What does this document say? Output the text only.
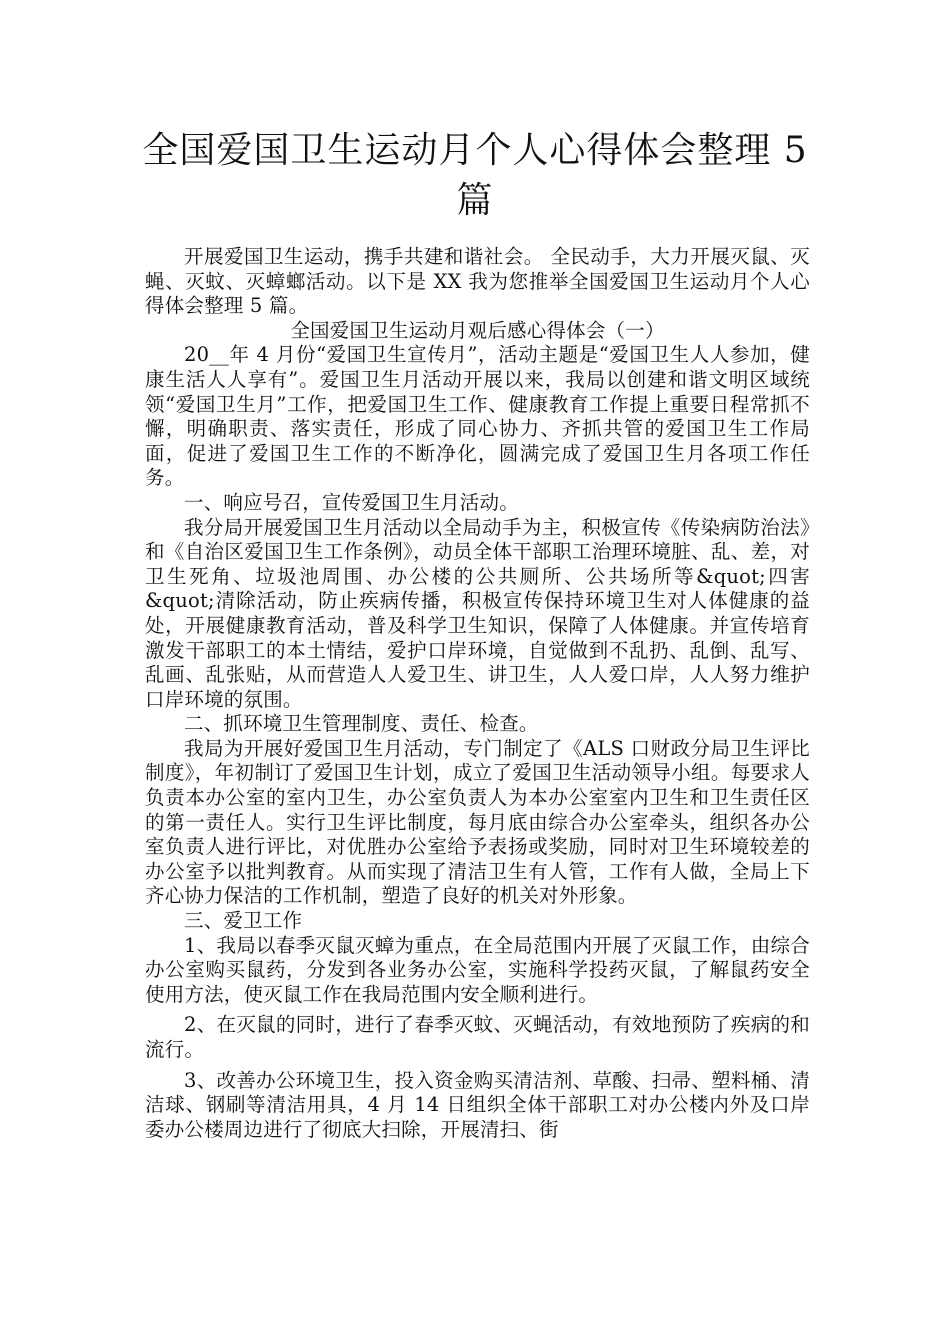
全国爱国卫生运动月个人心得体会整理 5 篇

开展爱国卫生运动，携手共建和谐社会。 全民动手，大力开展灭鼠、灭蝇、灭蚊、灭蟑螂活动。以下是 XX 我为您推举全国爱国卫生运动月个人心得体会整理 5 篇。

全国爱国卫生运动月观后感心得体会（一）

20__年 4 月份“爱国卫生宣传月”，活动主题是“爱国卫生人人参加，健康生活人人享有”。爱国卫生月活动开展以来，我局以创建和谐文明区域统领“爱国卫生月”工作，把爱国卫生工作、健康教育工作提上重要日程常抓不懈，明确职责、落实责任，形成了同心协力、齐抓共管的爱国卫生工作局面，促进了爱国卫生工作的不断净化，圆满完成了爱国卫生月各项工作任务。

一、响应号召，宣传爱国卫生月活动。

我分局开展爱国卫生月活动以全局动手为主，积极宣传《传染病防治法》和《自治区爱国卫生工作条例》，动员全体干部职工治理环境脏、乱、差，对卫生死角、垃圾池周围、办公楼的公共厕所、公共场所等&quot;四害&quot;清除活动，防止疾病传播，积极宣传保持环境卫生对人体健康的益处，开展健康教育活动，普及科学卫生知识，保障了人体健康。并宣传培育激发干部职工的本土情结，爱护口岸环境，自觉做到不乱扔、乱倒、乱写、乱画、乱张贴，从而营造人人爱卫生、讲卫生，人人爱口岸，人人努力维护口岸环境的氛围。

二、抓环境卫生管理制度、责任、检查。

我局为开展好爱国卫生月活动，专门制定了《ALS 口财政分局卫生评比制度》，年初制订了爱国卫生计划，成立了爱国卫生活动领导小组。每要求人负责本办公室的室内卫生，办公室负责人为本办公室室内卫生和卫生责任区的第一责任人。实行卫生评比制度，每月底由综合办公室牵头，组织各办公室负责人进行评比，对优胜办公室给予表扬或奖励，同时对卫生环境较差的办公室予以批判教育。从而实现了清洁卫生有人管，工作有人做，全局上下齐心协力保洁的工作机制，塑造了良好的机关对外形象。

三、爱卫工作

1、我局以春季灭鼠灭蟑为重点，在全局范围内开展了灭鼠工作，由综合办公室购买鼠药，分发到各业务办公室，实施科学投药灭鼠，了解鼠药安全使用方法，使灭鼠工作在我局范围内安全顺利进行。

2、在灭鼠的同时，进行了春季灭蚊、灭蝇活动，有效地预防了疾病的和流行。

3、改善办公环境卫生，投入资金购买清洁剂、草酸、扫帚、塑料桶、清洁球、钢刷等清洁用具，4 月 14 日组织全体干部职工对办公楼内外及口岸委办公楼周边进行了彻底大扫除，开展清扫、街
